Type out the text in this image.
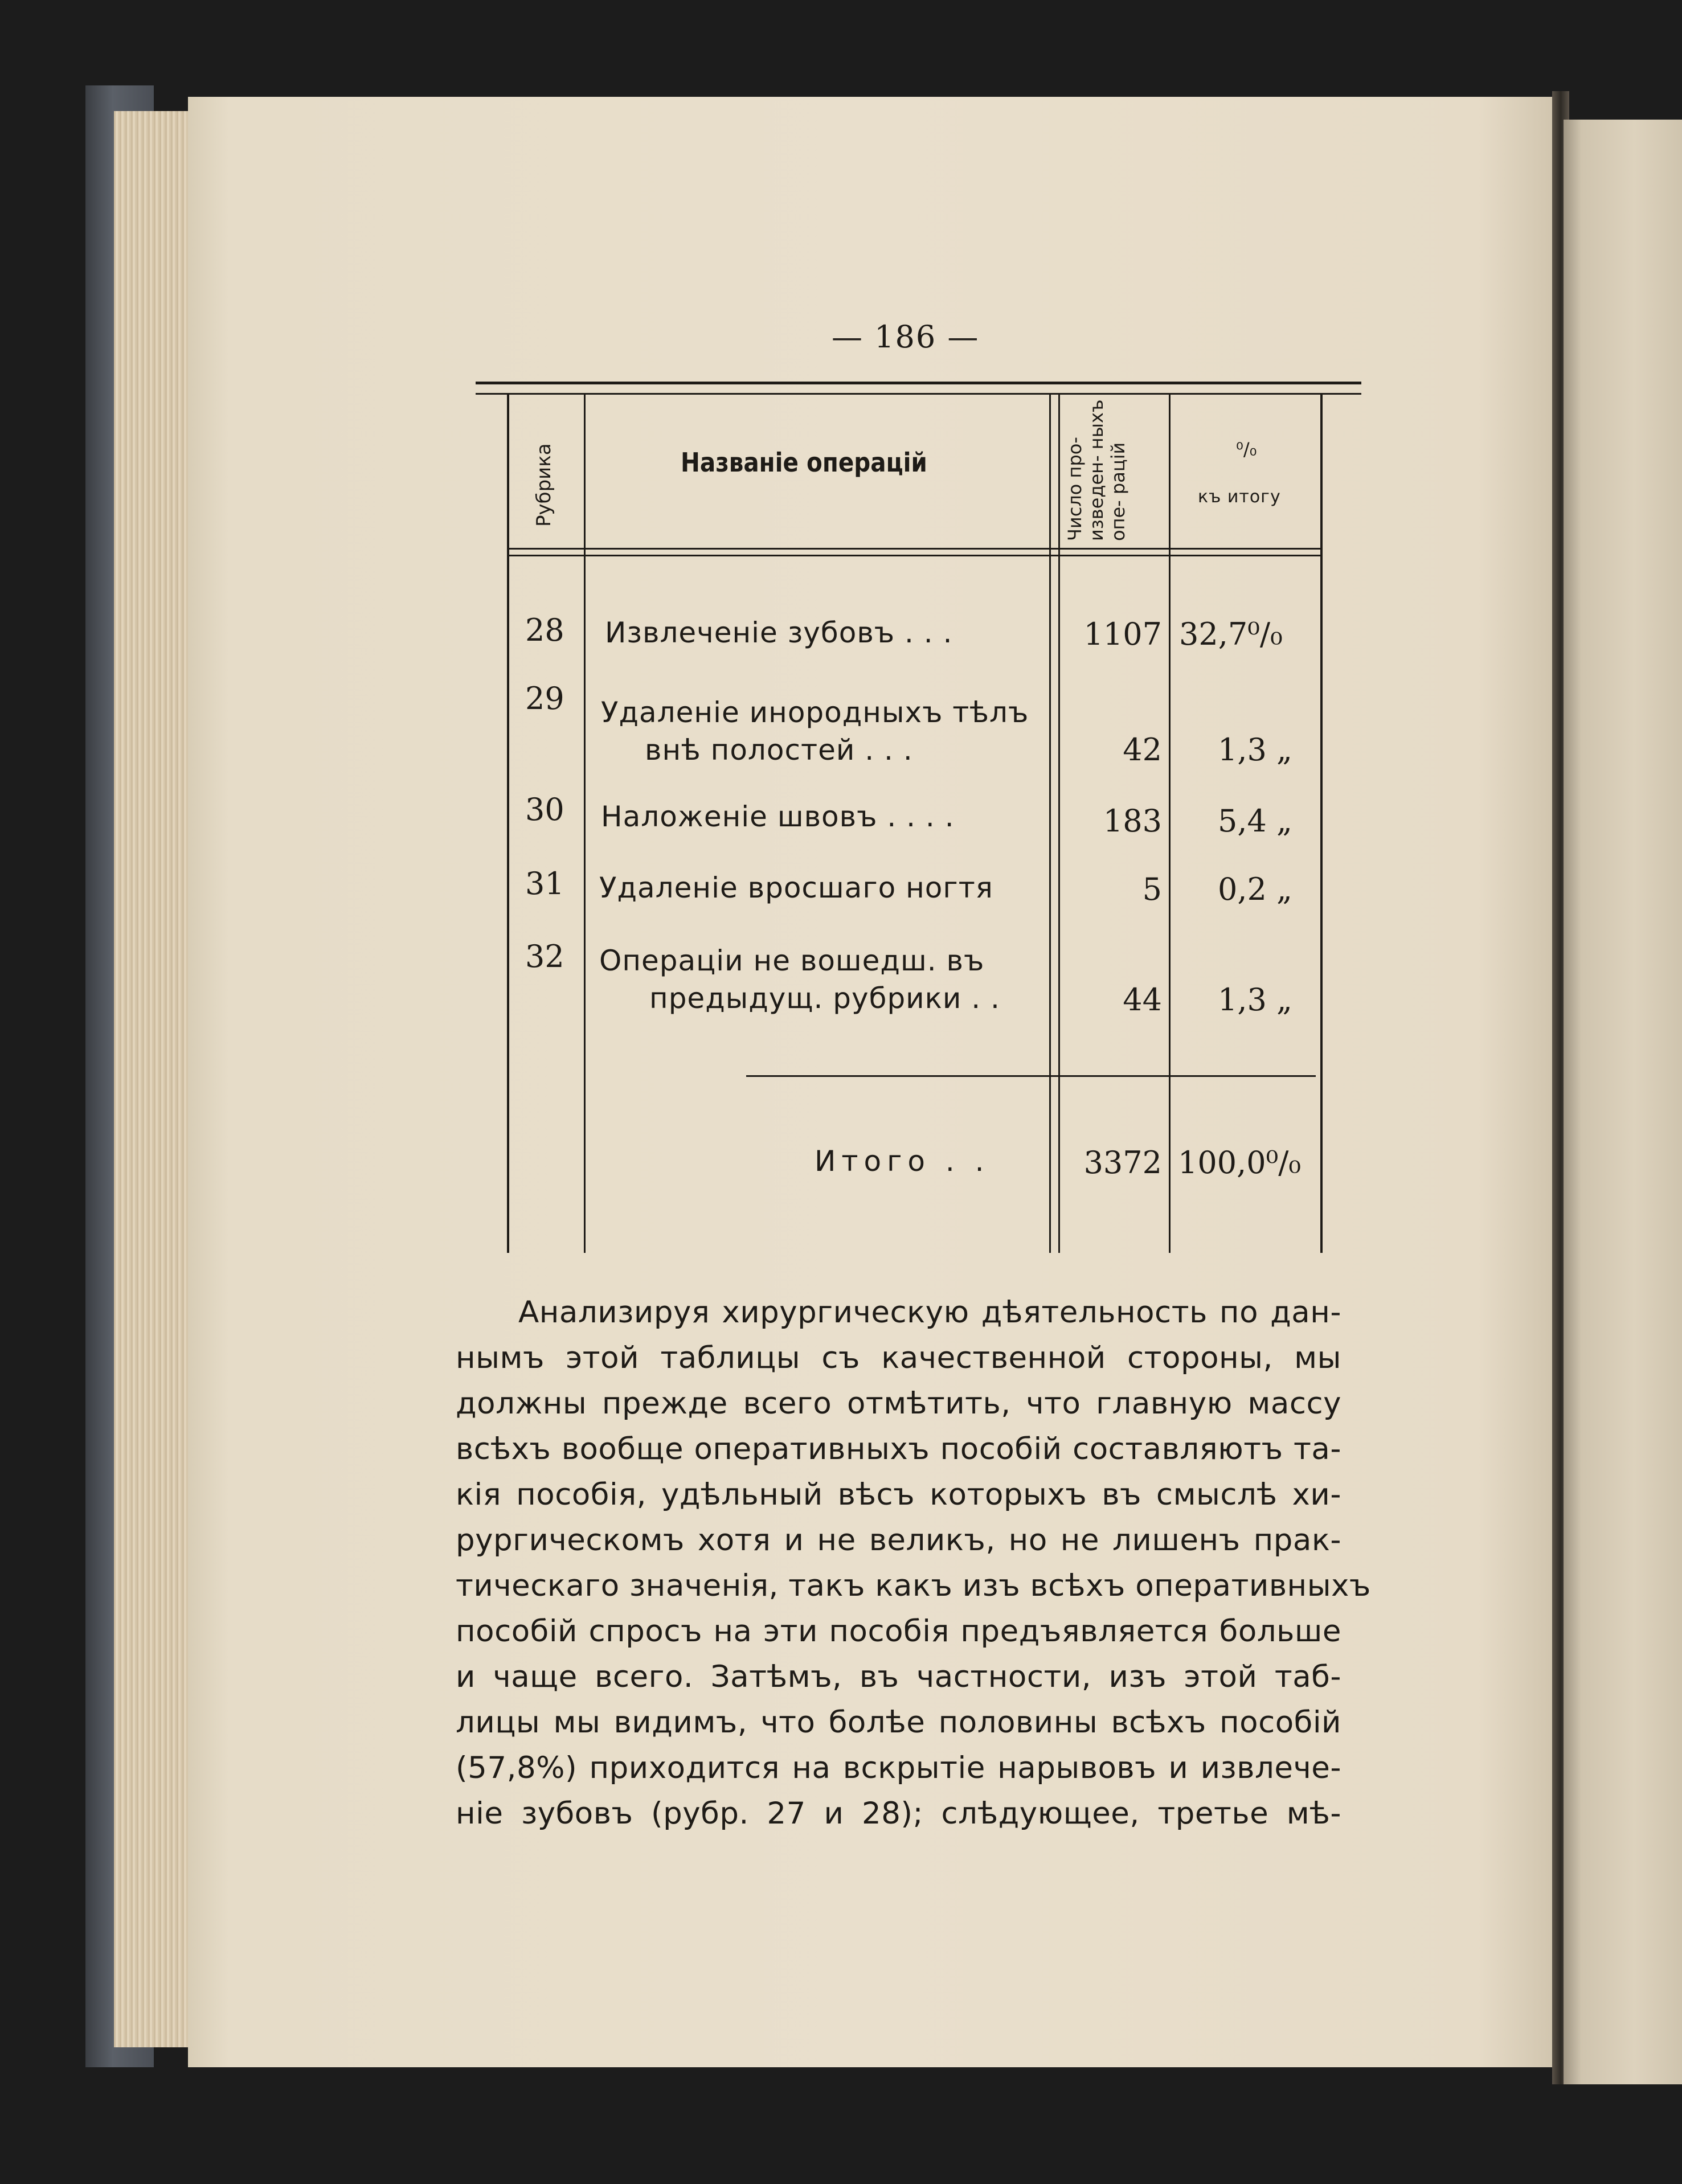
— 186 —
Рубрика	Названіе операцій	Число про- изведен- ныхъ опе- рацій	⁰/₀
къ итогу
28 Извлеченіе зубовъ . . .	1107 32,7⁰/₀
29 Удаленіе инородныхъ тѣлъ
внѣ полостей . . .	42 1,3 „
30 Наложеніе швовъ . . . .	183 5,4 „
31 Удаленіе вросшаго ногтя	5 0,2 „
32 Операціи не вошедш. въ
предыдущ. рубрики . .	44 1,3 „
Итого . .	3372 100,0⁰/₀
Анализируя хирургическую дѣятельность по дан-
нымъ этой таблицы съ качественной стороны, мы
должны прежде всего отмѣтить, что главную массу
всѣхъ вообще оперативныхъ пособій составляютъ та-
кія пособія, удѣльный вѣсъ которыхъ въ смыслѣ хи-
рургическомъ хотя и не великъ, но не лишенъ прак-
тическаго значенія, такъ какъ изъ всѣхъ оперативныхъ
пособій спросъ на эти пособія предъявляется больше
и чаще всего. Затѣмъ, въ частности, изъ этой таб-
лицы мы видимъ, что болѣе половины всѣхъ пособій
(57,8%) приходится на вскрытіе нарывовъ и извлече-
ніе зубовъ (рубр. 27 и 28); слѣдующее, третье мѣ-
